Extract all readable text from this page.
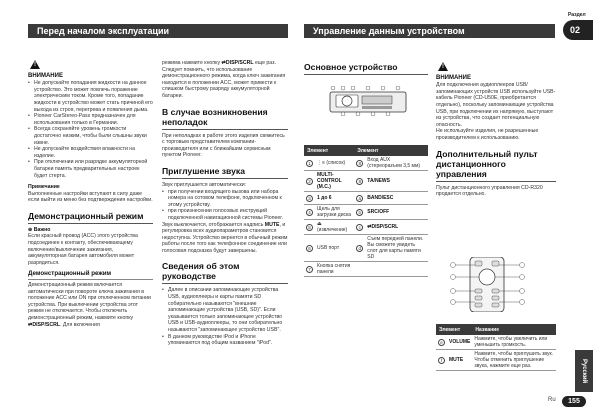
Перед началом эксплуатации	Управление данным устройством
Раздел
02
!
ВНИМАНИЕ
• Не допускайте попадания жидкости на данное устройство. Это может повлечь поражение электрическим током. Кроме того, попадание жидкости в устройство может стать причиной его выхода из строя, перегрева и появления дыма.
• Pioneer CarStereo-Pass предназначен для использования только в Германии.
• Всегда сохраняйте уровень громкости достаточно низким, чтобы были слышны звуки извне.
• Не допускайте воздействия влажности на изделие.
• При отключении или разрядке аккумуляторной батареи память предварительных настроек будет стерта.
Примечание

Выполненные настройки вступают в силу даже если выйти из меню без подтверждения настройки.

Демонстрационный режим
⊕ Важно

Если красный провод (ACC) этого устройства подсоединен к контакту, обеспечивающему включение/выключение зажигания, аккумуляторная батарея автомобиля может разрядиться.

Демонстрационный режим

Демонстрационный режим включается автоматически при повороте ключа зажигания в положение ACC или ON при отключенном питании устройства. При выключении устройства этот режим не отключается. Чтобы отключить демонстрационный режим, нажмите кнопку ⇄DISP/SCRL. Для включения

режима нажмите кнопку ⇄DISP/SCRL еще раз. Следует помнить, что использование демонстрационного режима, когда ключ зажигания находится в положении ACC, может привести к слишком быстрому разряду аккумуляторной батареи.

В случае возникновения неполадок

При неполадках в работе этого изделия свяжитесь с торговым представителем компании-производителя или с ближайшим сервисным пунктом Pioneer.

Приглушение звука

Звук приглушается автоматически:

• при получении входящего вызова или набора номера на сотовом телефоне, подключенном к этому устройству.
• при произнесении голосовых инструкций подключенной навигационной системы Pioneer.

Звук выключается, отображается надпись MUTE, и регулировка всех аудиопараметров становится недоступна. Устройство вернется в обычный режим работы после того как телефонное соединение или голосовая подсказка будут завершены.

Сведения об этом руководстве
• Далее в описании запоминающие устройства USB, аудиоплееры и карты памяти SD собирательно называются "внешние запоминающие устройства (USB, SD)". Если указывается только запоминающее устройство USB и USB-аудиоплееры, то они собирательно называются "запоминающее устройство USB".
• В данном руководстве iPod и iPhone упоминаются под общим названием "iPod".
Основное устройство
Элемент		Элемент	
1	⋮≡ (список)	8	Вход AUX (стереоразъем 3,5 мм)
2	MULTI-CONTROL (M.C.)	9	TA/NEWS
3	1 до 6	a	BAND/ESC
4	Щель для загрузки диска	b	SRC/OFF
5	⏏ (извлечение)	c	⇄DISP/SCRL
6	USB порт	d	Съем передней панели. Вы сможете увидеть слот для карты памяти SD
7	Кнопка снятия панели		
!
ВНИМАНИЕ

Для подключения аудиоплееров USB/запоминающих устройств USB используйте USB-кабель Pioneer (CD-U50E, приобретается отдельно), поскольку запоминающие устройства USB, при подключении их напрямую, выступают из устройства, что создает потенциальную опасность.

Не используйте изделия, не разрешенные производителем к использованию.

Дополнительный пульт дистанционного управления

Пульт дистанционного управления CD-R320 продается отдельно.

Элемент		Название
e	VOLUME	Нажмите, чтобы увеличить или уменьшить громкость.
f	MUTE	Нажмите, чтобы приглушить звук. Чтобы отменить приглушение звука, нажмите еще раз.	Русский
Ru	155
